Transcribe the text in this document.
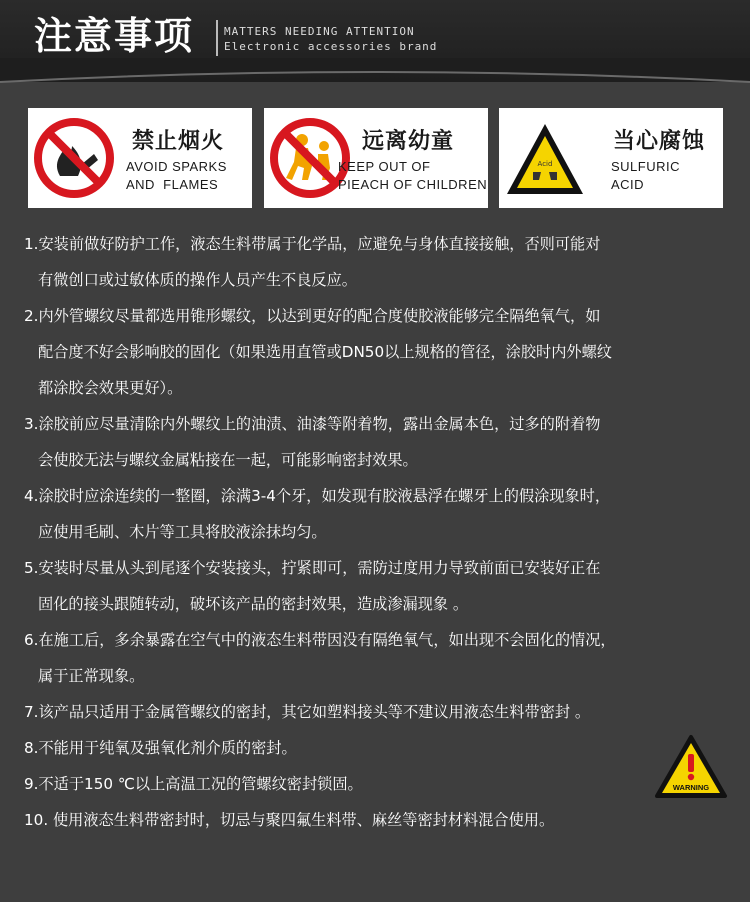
注意事项	MATTERS NEEDING ATTENTION
Electronic accessories brand
禁止烟火
AVOID SPARKS
AND  FLAMES
远离幼童
KEEP OUT OF
PIEACH OF CHILDREN
Acid
当心腐蚀
SULFURIC
ACID
1.安装前做好防护工作，液态生料带属于化学品，应避免与身体直接接触，否则可能对
有微创口或过敏体质的操作人员产生不良反应。
2.内外管螺纹尽量都选用锥形螺纹，以达到更好的配合度使胶液能够完全隔绝氧气，如
配合度不好会影响胶的固化（如果选用直管或DN50以上规格的管径，涂胶时内外螺纹
都涂胶会效果更好）。
3.涂胶前应尽量清除内外螺纹上的油渍、油漆等附着物，露出金属本色，过多的附着物
会使胶无法与螺纹金属粘接在一起，可能影响密封效果。
4.涂胶时应涂连续的一整圈，涂满3-4个牙，如发现有胶液悬浮在螺牙上的假涂现象时，
应使用毛刷、木片等工具将胶液涂抹均匀。
5.安装时尽量从头到尾逐个安装接头，拧紧即可，需防过度用力导致前面已安装好正在
固化的接头跟随转动，破坏该产品的密封效果，造成渗漏现象 。
6.在施工后，多余暴露在空气中的液态生料带因没有隔绝氧气，如出现不会固化的情况，
属于正常现象。
7.该产品只适用于金属管螺纹的密封，其它如塑料接头等不建议用液态生料带密封 。
8.不能用于纯氧及强氧化剂介质的密封。
9.不适于150 ℃以上高温工况的管螺纹密封锁固。
10. 使用液态生料带密封时，切忌与聚四氟生料带、麻丝等密封材料混合使用。
WARNING
